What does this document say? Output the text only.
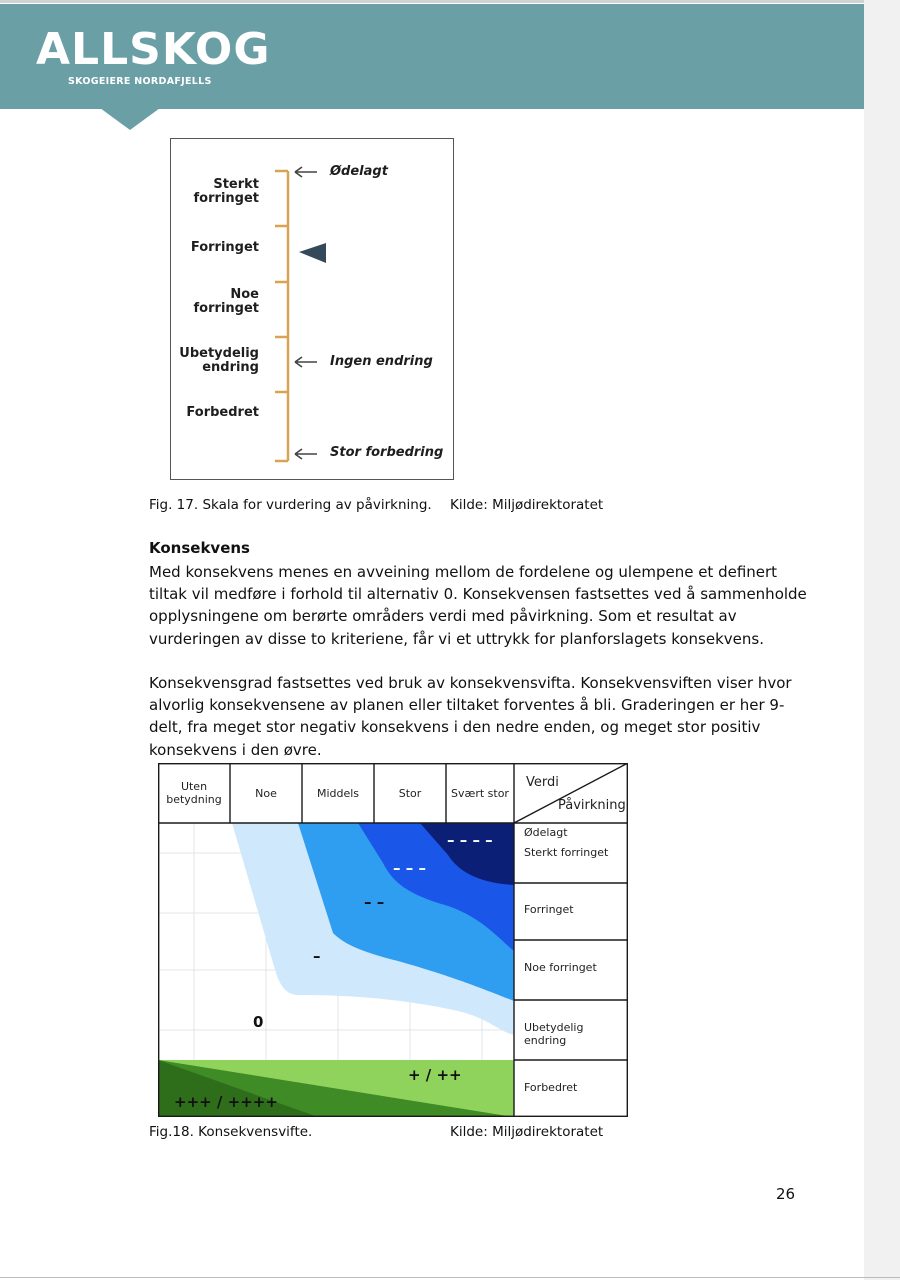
ALLSKOG
SKOGEIERE NORDAFJELLS
Sterkt
forringet
Forringet
Noe
forringet
Ubetydelig
endring
Forbedret
Ødelagt
Ingen endring
Stor forbedring
Fig. 17. Skala for vurdering av påvirkning. Kilde: Miljødirektoratet
Konsekvens
Med konsekvens menes en avveining mellom de fordelene og ulempene et definert
tiltak vil medføre i forhold til alternativ 0. Konsekvensen fastsettes ved å sammenholde
opplysningene om berørte områders verdi med påvirkning. Som et resultat av
vurderingen av disse to kriteriene, får vi et uttrykk for planforslagets konsekvens.
Konsekvensgrad fastsettes ved bruk av konsekvensvifta. Konsekvensviften viser hvor
alvorlig konsekvensene av planen eller tiltaket forventes å bli. Graderingen er her 9-
delt, fra meget stor negativ konsekvens i den nedre enden, og meget stor positiv
konsekvens i den øvre.
Uten
betydning	Noe	Middels	Stor	Svært stor
Verdi
Påvirkning
Ødelagt
Sterkt forringet
Forringet
Noe forringet
Ubetydelig endring
Forbedret
– – – –
– – –
– –
–
0
+ / ++
+++ / ++++
Fig.18. Konsekvensvifte.	Kilde: Miljødirektoratet
26
